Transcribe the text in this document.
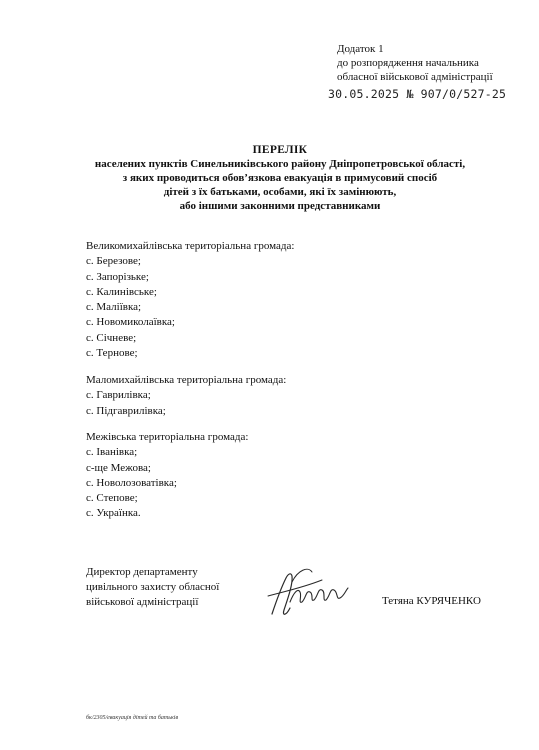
Додаток 1
до розпорядження начальника
обласної військової адміністрації
30.05.2025 № 907/0/527-25
ПЕРЕЛІК
населених пунктів Синельниківського району Дніпропетровської області,
з яких проводиться обов’язкова евакуація в примусовий спосіб
дітей з їх батьками, особами, які їх замінюють,
або іншими законними представниками
Великомихайлівська територіальна громада:
с. Березове;
с. Запорізьке;
с. Калинівське;
с. Маліївка;
с. Новомиколаївка;
с. Січневе;
с. Тернове;
Маломихайлівська територіальна громада:
с. Гаврилівка;
с. Підгаврилівка;
Межівська територіальна громада:
с. Іванівка;
с-ще Межова;
с. Новолозоватівка;
с. Степове;
с. Українка.
Директор департаменту
цивільного захисту обласної
військової адміністрації	Тетяна КУРЯЧЕНКО
бк/2305/евакуація дітей та батьків
